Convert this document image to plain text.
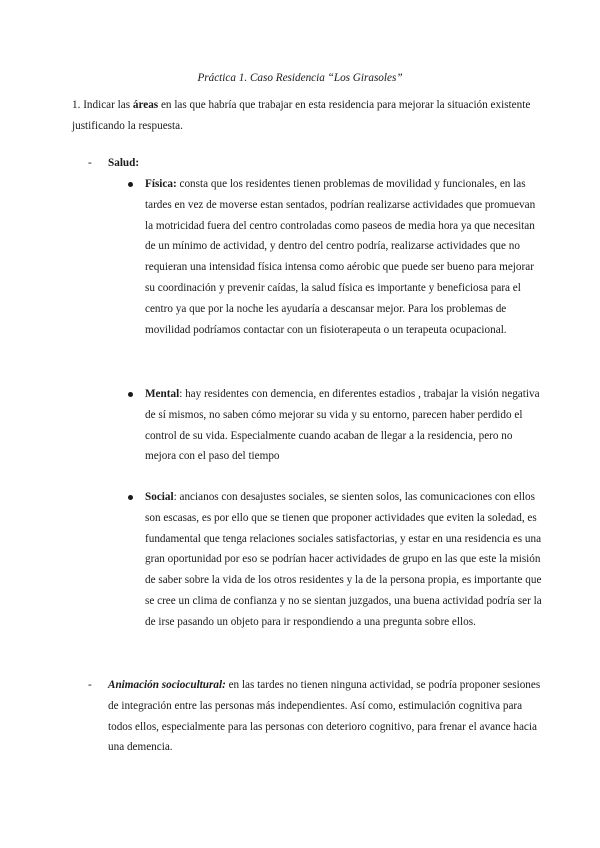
Práctica 1. Caso Residencia “Los Girasoles”
1. Indicar las áreas en las que habría que trabajar en esta residencia para mejorar la situación existente justificando la respuesta.
- Salud:
Física: consta que los residentes tienen problemas de movilidad y funcionales, en las tardes en vez de moverse estan sentados, podrían realizarse actividades que promuevan la motricidad fuera del centro controladas como paseos de media hora ya que necesitan de un mínimo de actividad, y dentro del centro podría, realizarse actividades que no requieran una intensidad física intensa como aérobic que puede ser bueno para mejorar su coordinación y prevenir caídas, la salud física es importante y beneficiosa para el centro ya que por la noche les ayudaría a descansar mejor. Para los problemas de movilidad podríamos contactar con un fisioterapeuta o un terapeuta ocupacional.
Mental: hay residentes con demencia, en diferentes estadios , trabajar la visión negativa de sí mismos, no saben cómo mejorar su vida y su entorno, parecen haber perdido el control de su vida. Especialmente cuando acaban de llegar a la residencia, pero no mejora con el paso del tiempo
Social: ancianos con desajustes sociales, se sienten solos, las comunicaciones con ellos son escasas, es por ello que se tienen que proponer actividades que eviten la soledad, es fundamental que tenga relaciones sociales satisfactorias, y estar en una residencia es una gran oportunidad por eso se podrían hacer actividades de grupo en las que este la misión de saber sobre la vida de los otros residentes y la de la persona propia, es importante que se cree un clima de confianza y no se sientan juzgados, una buena actividad podría ser la de irse pasando un objeto para ir respondiendo a una pregunta sobre ellos.
- Animación sociocultural: en las tardes no tienen ninguna actividad, se podría proponer sesiones de integración entre las personas más independientes. Así como, estimulación cognitiva para todos ellos, especialmente para las personas con deterioro cognitivo, para frenar el avance hacia una demencia.
